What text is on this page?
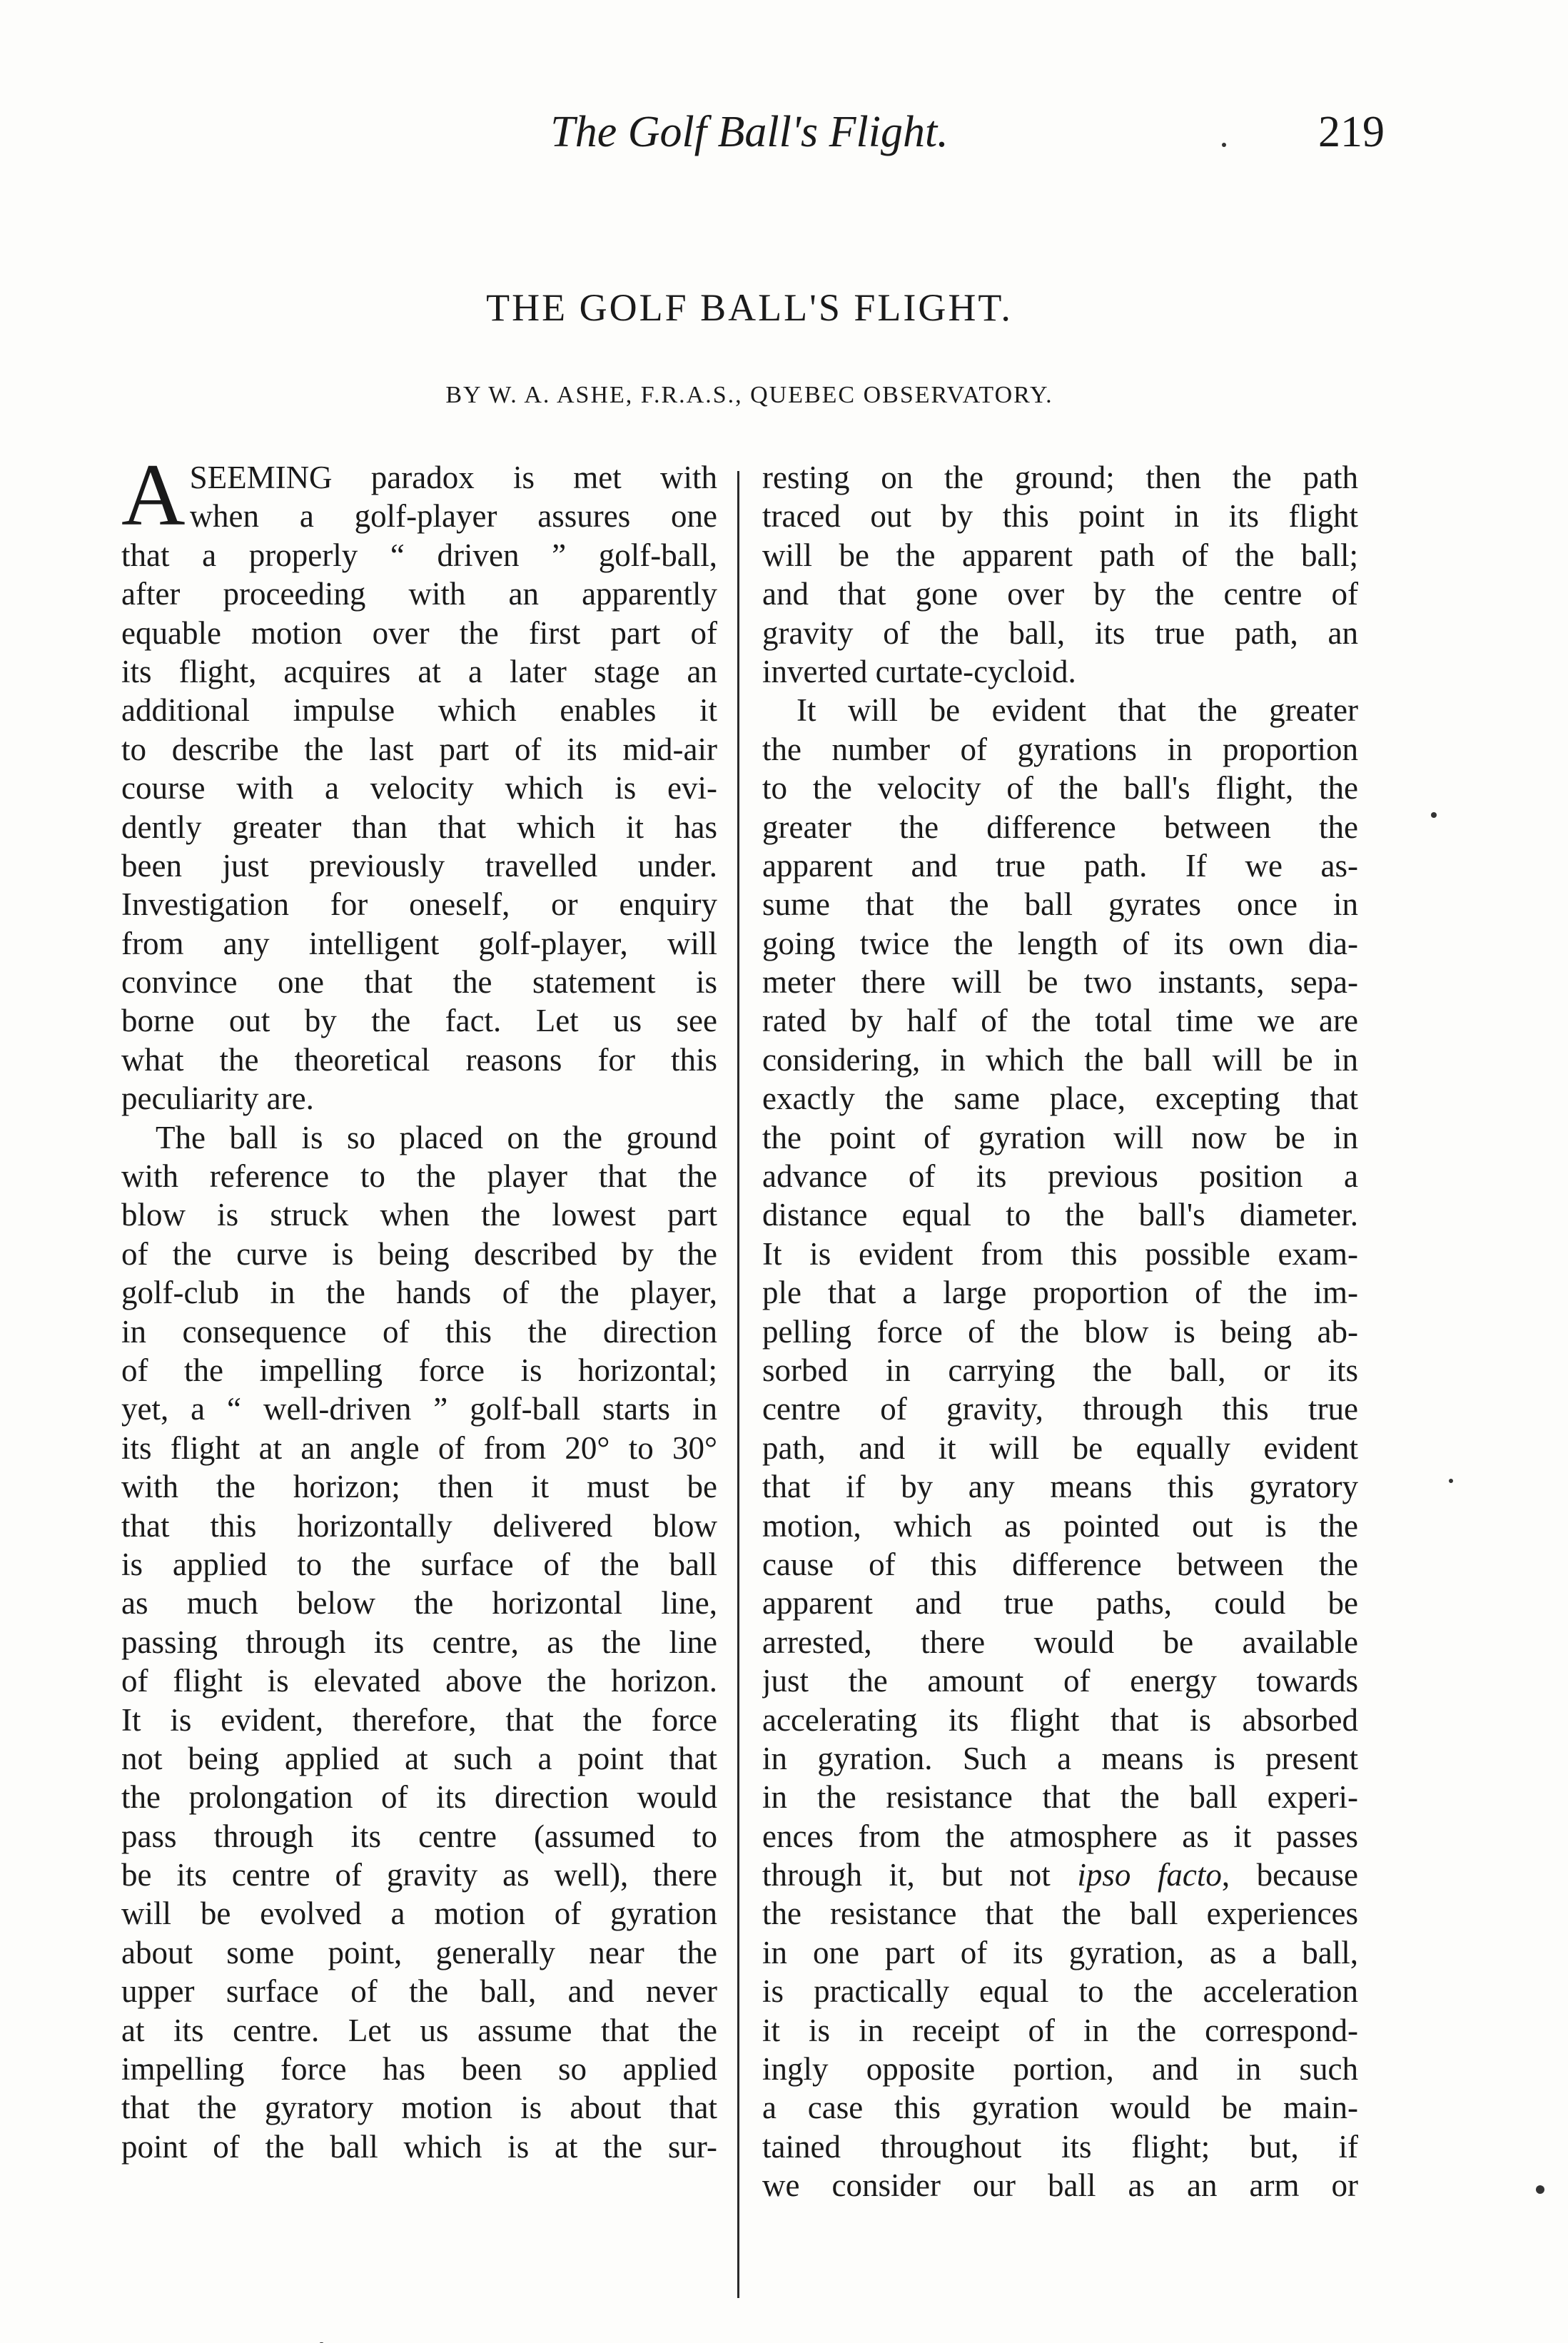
The Golf Ball's Flight.	219
THE GOLF BALL'S FLIGHT.
BY W. A. ASHE, F.R.A.S., QUEBEC OBSERVATORY.
A SEEMING paradox is met with
when a golf-player assures one
that a properly “ driven ” golf-ball,
after proceeding with an apparently
equable motion over the first part of
its flight, acquires at a later stage an
additional impulse which enables it
to describe the last part of its mid-air
course with a velocity which is evi-
dently greater than that which it has
been just previously travelled under.
Investigation for oneself, or enquiry
from any intelligent golf-player, will
convince one that the statement is
borne out by the fact. Let us see
what the theoretical reasons for this
peculiarity are.
The ball is so placed on the ground
with reference to the player that the
blow is struck when the lowest part
of the curve is being described by the
golf-club in the hands of the player,
in consequence of this the direction
of the impelling force is horizontal;
yet, a “ well-driven ” golf-ball starts in
its flight at an angle of from 20° to 30°
with the horizon; then it must be
that this horizontally delivered blow
is applied to the surface of the ball
as much below the horizontal line,
passing through its centre, as the line
of flight is elevated above the horizon.
It is evident, therefore, that the force
not being applied at such a point that
the prolongation of its direction would
pass through its centre (assumed to
be its centre of gravity as well), there
will be evolved a motion of gyration
about some point, generally near the
upper surface of the ball, and never
at its centre. Let us assume that the
impelling force has been so applied
that the gyratory motion is about that
point of the ball which is at the sur-
resting on the ground; then the path
traced out by this point in its flight
will be the apparent path of the ball;
and that gone over by the centre of
gravity of the ball, its true path, an
inverted curtate-cycloid.
It will be evident that the greater
the number of gyrations in proportion
to the velocity of the ball's flight, the
greater the difference between the
apparent and true path. If we as-
sume that the ball gyrates once in
going twice the length of its own dia-
meter there will be two instants, sepa-
rated by half of the total time we are
considering, in which the ball will be in
exactly the same place, excepting that
the point of gyration will now be in
advance of its previous position a
distance equal to the ball's diameter.
It is evident from this possible exam-
ple that a large proportion of the im-
pelling force of the blow is being ab-
sorbed in carrying the ball, or its
centre of gravity, through this true
path, and it will be equally evident
that if by any means this gyratory
motion, which as pointed out is the
cause of this difference between the
apparent and true paths, could be
arrested, there would be available
just the amount of energy towards
accelerating its flight that is absorbed
in gyration. Such a means is present
in the resistance that the ball experi-
ences from the atmosphere as it passes
through it, but not ipso facto, because
the resistance that the ball experiences
in one part of its gyration, as a ball,
is practically equal to the acceleration
it is in receipt of in the correspond-
ingly opposite portion, and in such
a case this gyration would be main-
tained throughout its flight; but, if
we consider our ball as an arm or
